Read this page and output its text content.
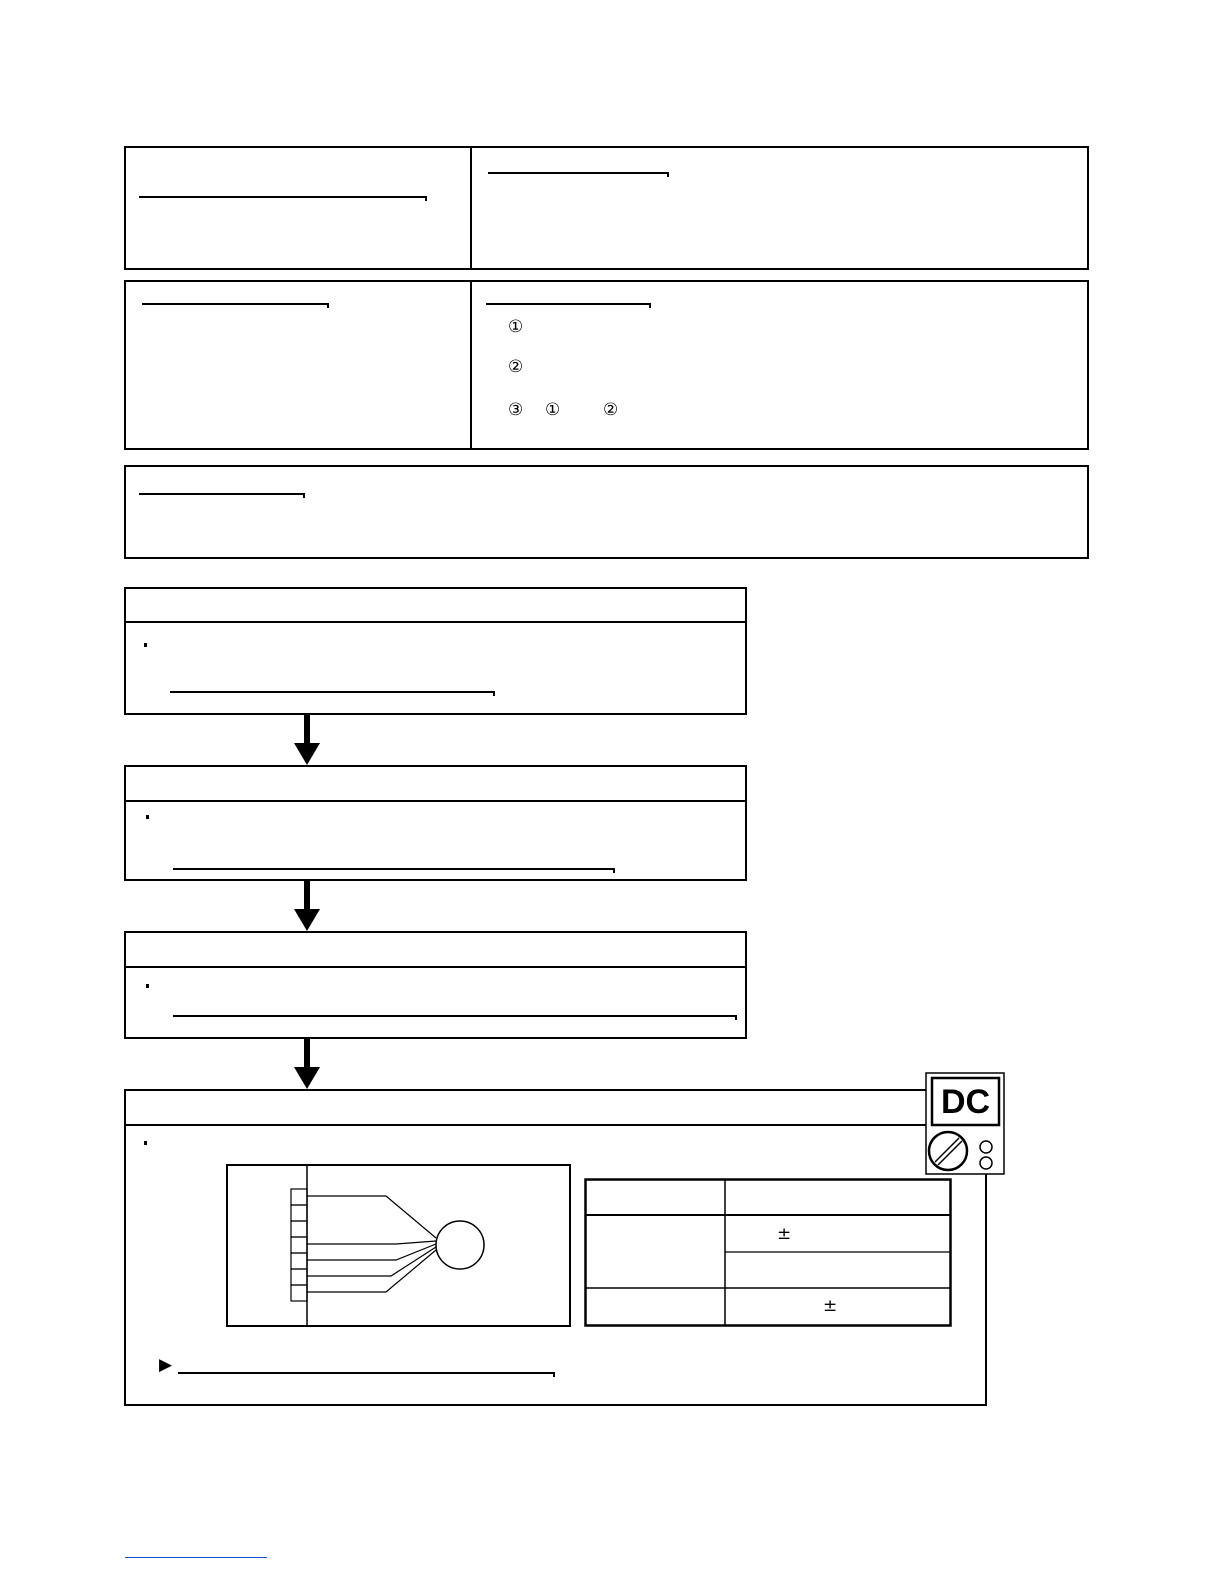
①
②
③ ①	②
±
±
DC
▶
